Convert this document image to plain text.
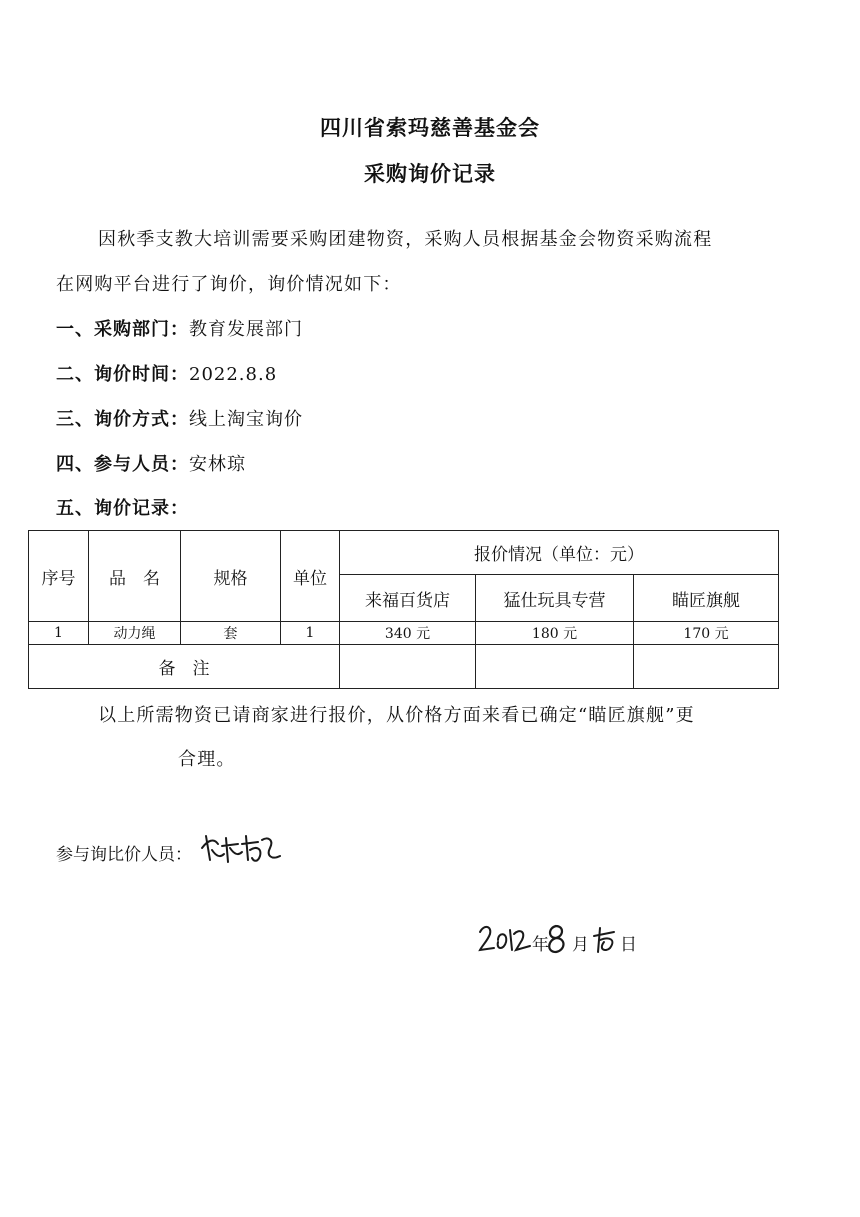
四川省索玛慈善基金会
采购询价记录
因秋季支教大培训需要采购团建物资，采购人员根据基金会物资采购流程
在网购平台进行了询价，询价情况如下：
一、采购部门：教育发展部门
二、询价时间：2022.8.8
三、询价方式：线上淘宝询价
四、参与人员：安林琼
五、询价记录：
序号	品　名	规格	单位	报价情况（单位：元）		
				来福百货店	猛仕玩具专营	瞄匠旗舰
1	动力绳	套	1	340 元	180 元	170 元
备　注						
以上所需物资已请商家进行报价，从价格方面来看已确定“瞄匠旗舰”更
合理。
参与询比价人员：
年 月 日
